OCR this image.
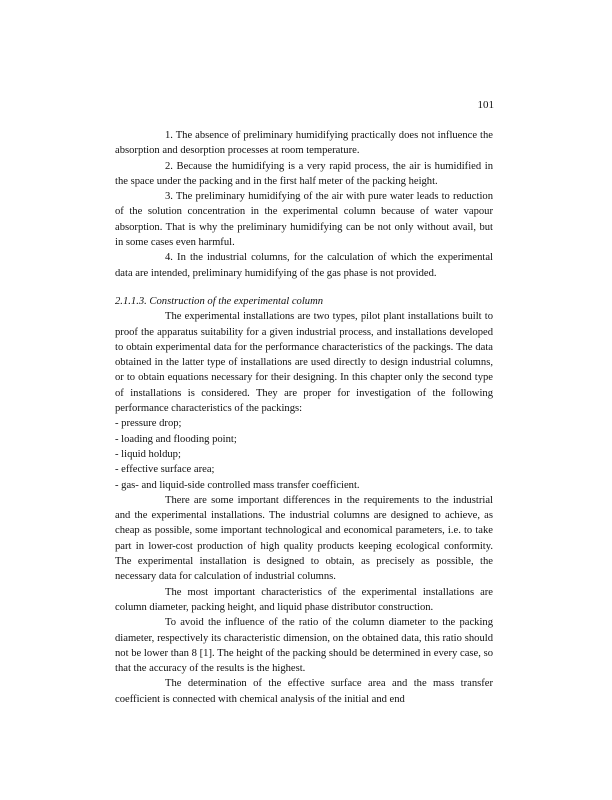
101

1. The absence of preliminary humidifying practically does not influence the absorption and desorption processes at room temperature.

2. Because the humidifying is a very rapid process, the air is humidified in the space under the packing and in the first half meter of the packing height.

3. The preliminary humidifying of the air with pure water leads to reduction of the solution concentration in the experimental column because of water vapour absorption. That is why the preliminary humidifying can be not only without avail, but in some cases even harmful.

4. In the industrial columns, for the calculation of which the experimental data are intended, preliminary humidifying of the gas phase is not provided.

2.1.1.3. Construction of the experimental column

The experimental installations are two types, pilot plant installations built to proof the apparatus suitability for a given industrial process, and installations developed to obtain experimental data for the performance characteristics of the packings. The data obtained in the latter type of installations are used directly to design industrial columns, or to obtain equations necessary for their designing. In this chapter only the second type of installations is considered. They are proper for investigation of the following performance characteristics of the packings:

- pressure drop;
- loading and flooding point;
- liquid holdup;
- effective surface area;
- gas- and liquid-side controlled mass transfer coefficient.

There are some important differences in the requirements to the industrial and the experimental installations. The industrial columns are designed to achieve, as cheap as possible, some important technological and economical parameters, i.e. to take part in lower-cost production of high quality products keeping ecological conformity. The experimental installation is designed to obtain, as precisely as possible, the necessary data for calculation of industrial columns.

The most important characteristics of the experimental installations are column diameter, packing height, and liquid phase distributor construction.

To avoid the influence of the ratio of the column diameter to the packing diameter, respectively its characteristic dimension, on the obtained data, this ratio should not be lower than 8 [1]. The height of the packing should be determined in every case, so that the accuracy of the results is the highest.

The determination of the effective surface area and the mass transfer coefficient is connected with chemical analysis of the initial and end
